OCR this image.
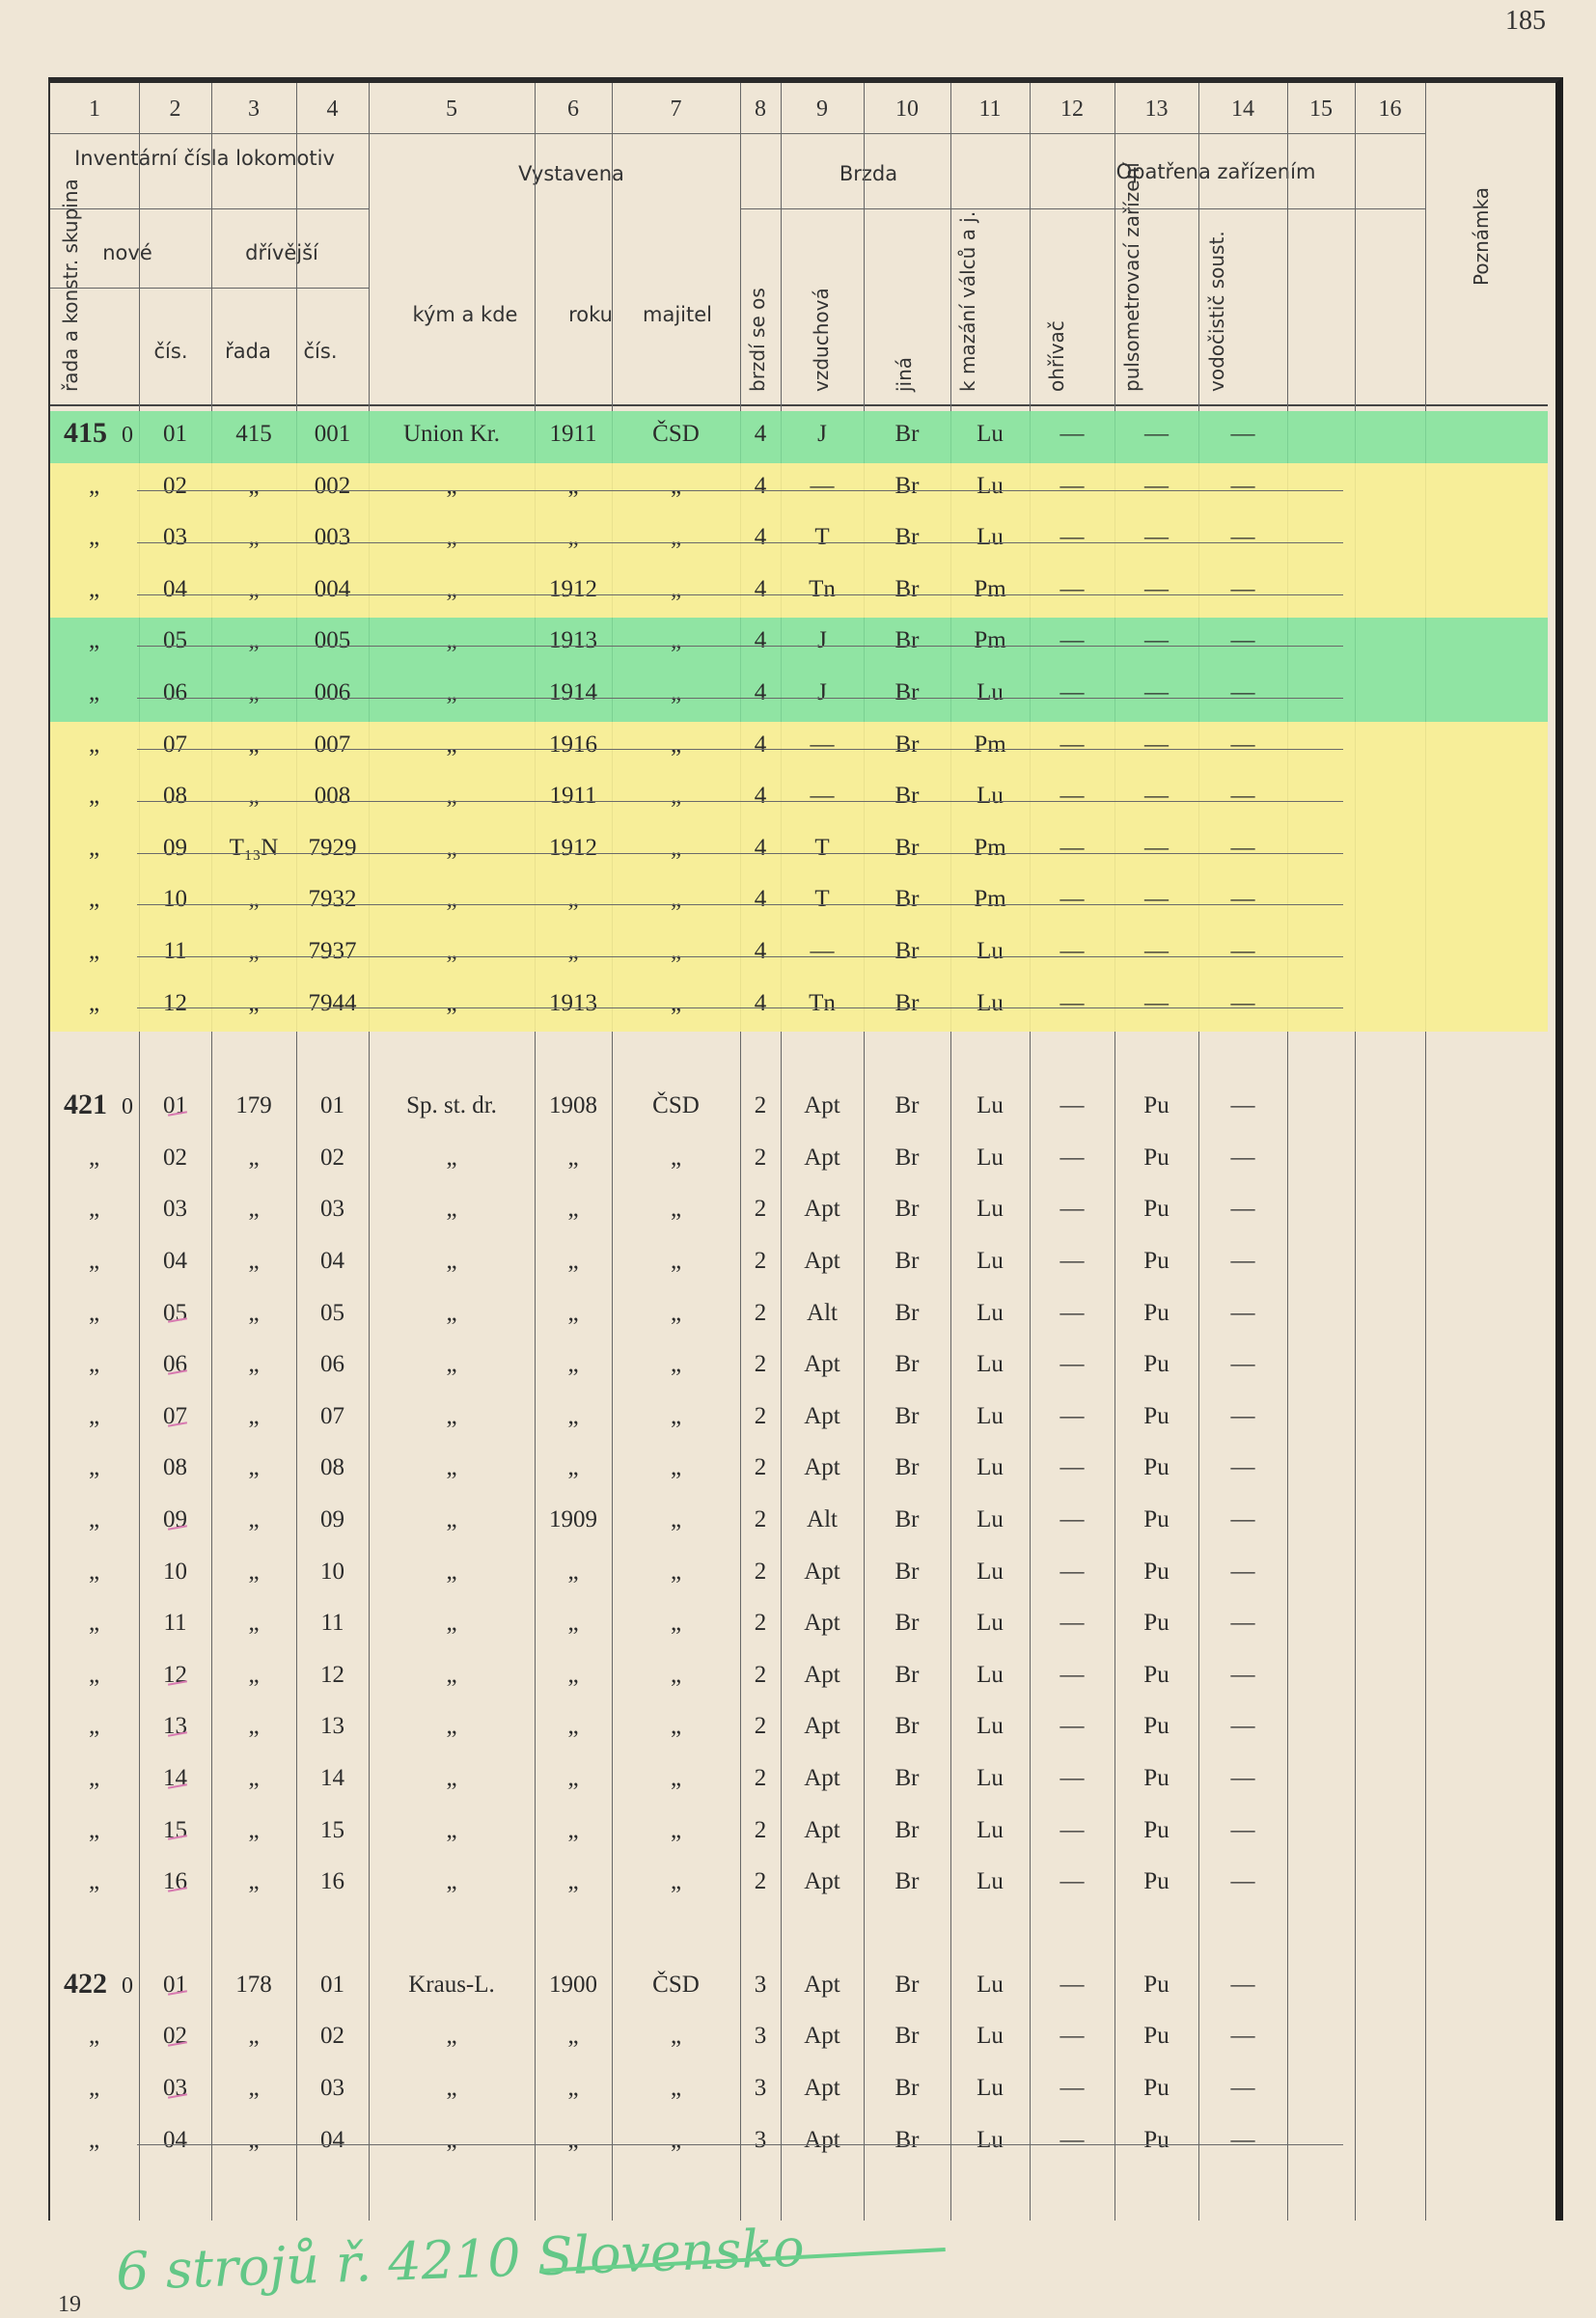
185
Inventární čísla lokomotiv
Vystavena	Brzda	Opatřena zařízením
nové	dřívější
kým a kde	roku	majitel
čís.	řada	čís.
řada a konstr. skupina	brzdí se os vzduchová	jiná k mazání válců a j.	ohřívač	pulsometrovací zařízení	vodočistič soust.	Poznámka
1	2	3	4	5	6	7	8	9	10	11	12	13	14	15	16
415 0	01	415	001	Union Kr.	1911	ČSD	4	J	Br	Lu	—	—	—
„	02	„	002	„	„	„	4	—	Br	Lu	—	—	—
„	03	„	003	„	„	„	4	T	Br	Lu	—	—	—
„	04	„	004	„	1912	„	4	Tn	Br	Pm	—	—	—
„	05	„	005	„	1913	„	4	J	Br	Pm	—	—	—
„	06	„	006	„	1914	„	4	J	Br	Lu	—	—	—
„	07	„	007	„	1916	„	4	—	Br	Pm	—	—	—
„	08	„	008	„	1911	„	4	—	Br	Lu	—	—	—
„	09	T₁₃N	7929	„	1912	„	4	T	Br	Pm	—	—	—
„	10	„	7932	„	„	„	4	T	Br	Pm	—	—	—
„	11	„	7937	„	„	„	4	—	Br	Lu	—	—	—
„	12	„	7944	„	1913	„	4	Tn	Br	Lu	—	—	—
421 0	01	179	01	Sp. st. dr.	1908	ČSD	2	Apt	Br	Lu	—	Pu	—
„	02	„	02	„	„	„	2	Apt	Br	Lu	—	Pu	—
„	03	„	03	„	„	„	2	Apt	Br	Lu	—	Pu	—
„	04	„	04	„	„	„	2	Apt	Br	Lu	—	Pu	—
„	05	„	05	„	„	„	2	Alt	Br	Lu	—	Pu	—
„	06	„	06	„	„	„	2	Apt	Br	Lu	—	Pu	—
„	07	„	07	„	„	„	2	Apt	Br	Lu	—	Pu	—
„	08	„	08	„	„	„	2	Apt	Br	Lu	—	Pu	—
„	09	„	09	„	1909	„	2	Alt	Br	Lu	—	Pu	—
„	10	„	10	„	„	„	2	Apt	Br	Lu	—	Pu	—
„	11	„	11	„	„	„	2	Apt	Br	Lu	—	Pu	—
„	12	„	12	„	„	„	2	Apt	Br	Lu	—	Pu	—
„	13	„	13	„	„	„	2	Apt	Br	Lu	—	Pu	—
„	14	„	14	„	„	„	2	Apt	Br	Lu	—	Pu	—
„	15	„	15	„	„	„	2	Apt	Br	Lu	—	Pu	—
„	16	„	16	„	„	„	2	Apt	Br	Lu	—	Pu	—
422 0	01	178	01	Kraus-L.	1900	ČSD	3	Apt	Br	Lu	—	Pu	—
„	02	„	02	„	„	„	3	Apt	Br	Lu	—	Pu	—
„	03	„	03	„	„	„	3	Apt	Br	Lu	—	Pu	—
„	04	„	04	„	„	„	3	Apt	Br	Lu	—	Pu	—
19
6 strojů ř. 4210 Slovensko
